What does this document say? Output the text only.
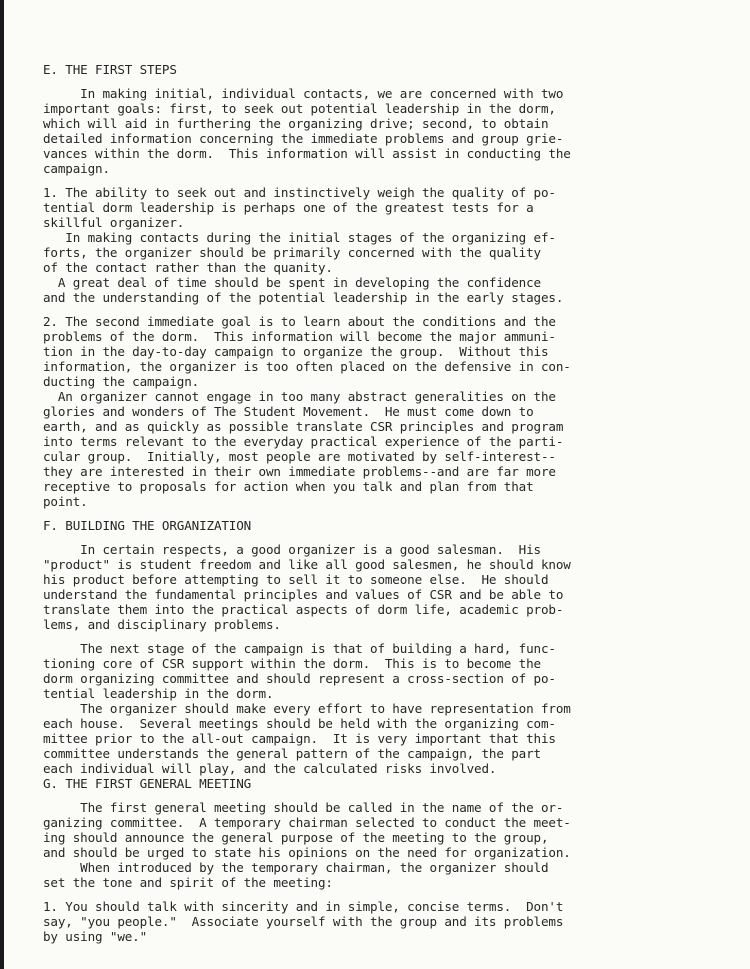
E. THE FIRST STEPS
In making initial, individual contacts, we are concerned with two
important goals: first, to seek out potential leadership in the dorm,
which will aid in furthering the organizing drive; second, to obtain
detailed information concerning the immediate problems and group grie-
vances within the dorm.  This information will assist in conducting the
campaign.
1. The ability to seek out and instinctively weigh the quality of po-
tential dorm leadership is perhaps one of the greatest tests for a
skillful organizer.
In making contacts during the initial stages of the organizing ef-
forts, the organizer should be primarily concerned with the quality
of the contact rather than the quanity.
A great deal of time should be spent in developing the confidence
and the understanding of the potential leadership in the early stages.
2. The second immediate goal is to learn about the conditions and the
problems of the dorm.  This information will become the major ammuni-
tion in the day-to-day campaign to organize the group.  Without this
information, the organizer is too often placed on the defensive in con-
ducting the campaign.
An organizer cannot engage in too many abstract generalities on the
glories and wonders of The Student Movement.  He must come down to
earth, and as quickly as possible translate CSR principles and program
into terms relevant to the everyday practical experience of the parti-
cular group.  Initially, most people are motivated by self-interest--
they are interested in their own immediate problems--and are far more
receptive to proposals for action when you talk and plan from that
point.
F. BUILDING THE ORGANIZATION
In certain respects, a good organizer is a good salesman.  His
"product" is student freedom and like all good salesmen, he should know
his product before attempting to sell it to someone else.  He should
understand the fundamental principles and values of CSR and be able to
translate them into the practical aspects of dorm life, academic prob-
lems, and disciplinary problems.
The next stage of the campaign is that of building a hard, func-
tioning core of CSR support within the dorm.  This is to become the
dorm organizing committee and should represent a cross-section of po-
tential leadership in the dorm.
The organizer should make every effort to have representation from
each house.  Several meetings should be held with the organizing com-
mittee prior to the all-out campaign.  It is very important that this
committee understands the general pattern of the campaign, the part
each individual will play, and the calculated risks involved.
G. THE FIRST GENERAL MEETING
The first general meeting should be called in the name of the or-
ganizing committee.  A temporary chairman selected to conduct the meet-
ing should announce the general purpose of the meeting to the group,
and should be urged to state his opinions on the need for organization.
When introduced by the temporary chairman, the organizer should
set the tone and spirit of the meeting:
1. You should talk with sincerity and in simple, concise terms.  Don't
say, "you people."  Associate yourself with the group and its problems
by using "we."
